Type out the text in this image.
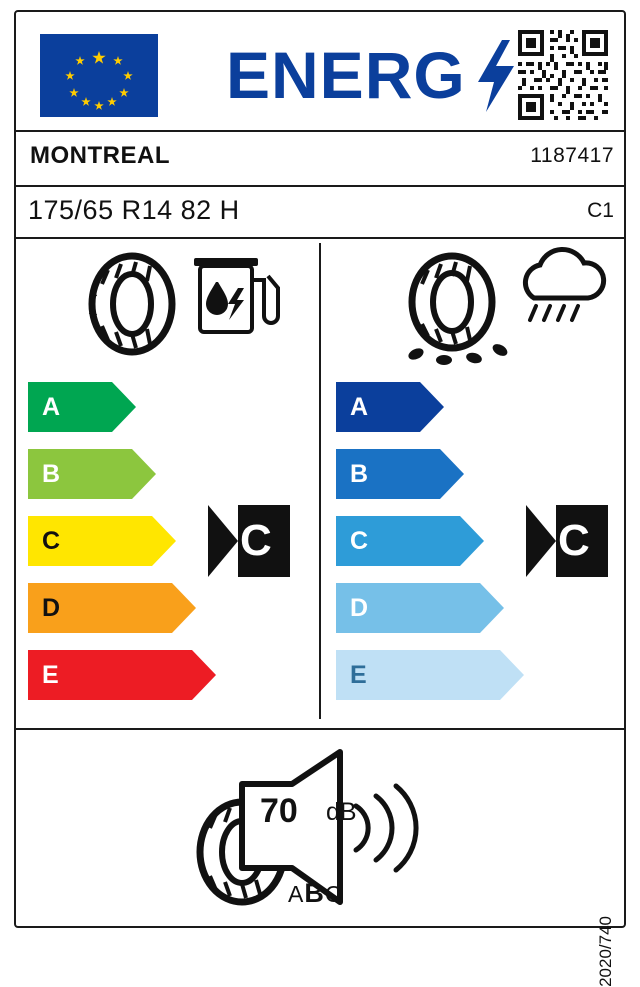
ENERG
MONTREAL	1187417
175/65 R14 82 H	C1
A
B
C
D
E
A
B
C
D
E
C	C
70 dB
ABC
2020/740
